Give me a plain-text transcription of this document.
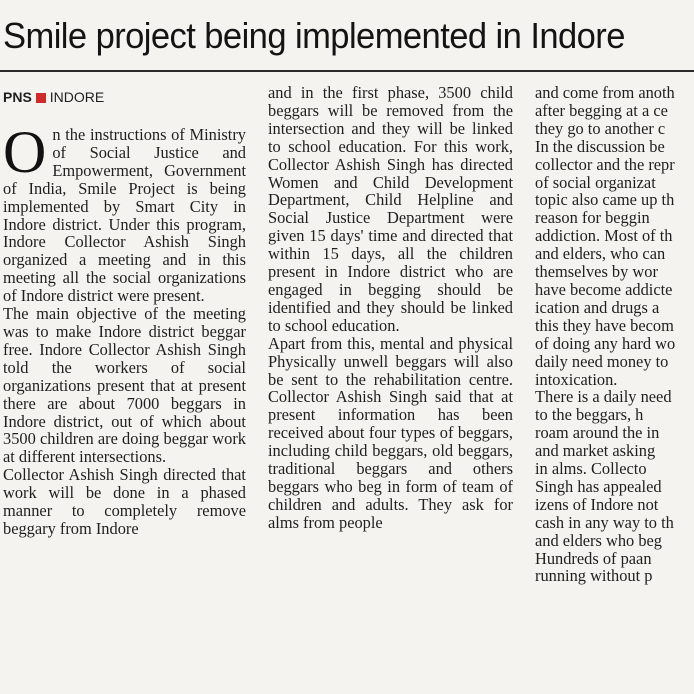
Smile project being implemented in Indore
PNS INDORE

On the instructions of Ministry of Social Justice and Empowerment, Government of India, Smile Project is being implemented by Smart City in Indore district. Under this program, Indore Collector Ashish Singh organized a meeting and in this meeting all the social organizations of Indore district were present.

The main objective of the meeting was to make Indore district beggar free. Indore Collector Ashish Singh told the workers of social organizations present that at present there are about 7000 beggars in Indore district, out of which about 3500 children are doing beggar work at different intersections.

Collector Ashish Singh directed that work will be done in a phased manner to completely remove beggary from Indore

and in the first phase, 3500 child beggars will be removed from the intersection and they will be linked to school education. For this work, Collector Ashish Singh has directed Women and Child Development Department, Child Helpline and Social Justice Department were given 15 days' time and directed that within 15 days, all the children present in Indore district who are engaged in begging should be identified and they should be linked to school education.

Apart from this, mental and physical Physically unwell beggars will also be sent to the rehabilitation centre. Collector Ashish Singh said that at present information has been received about four types of beggars, including child beggars, old beggars, traditional beggars and others beggars who beg in form of team of children and adults. They ask for alms from people

and come from anoth
after begging at a ce
they go to another c
In the discussion be
collector and the repr
of social organizat
topic also came up th
reason for beggin
addiction. Most of th
and elders, who can
themselves by wor
have become addicte
ication and drugs a
this they have becom
of doing any hard wo
daily need money to
intoxication.
There is a daily need
to the beggars, h
roam around the in
and market asking
in alms. Collecto
Singh has appealed
izens of Indore not
cash in any way to th
and elders who beg
Hundreds of paan
running without p
